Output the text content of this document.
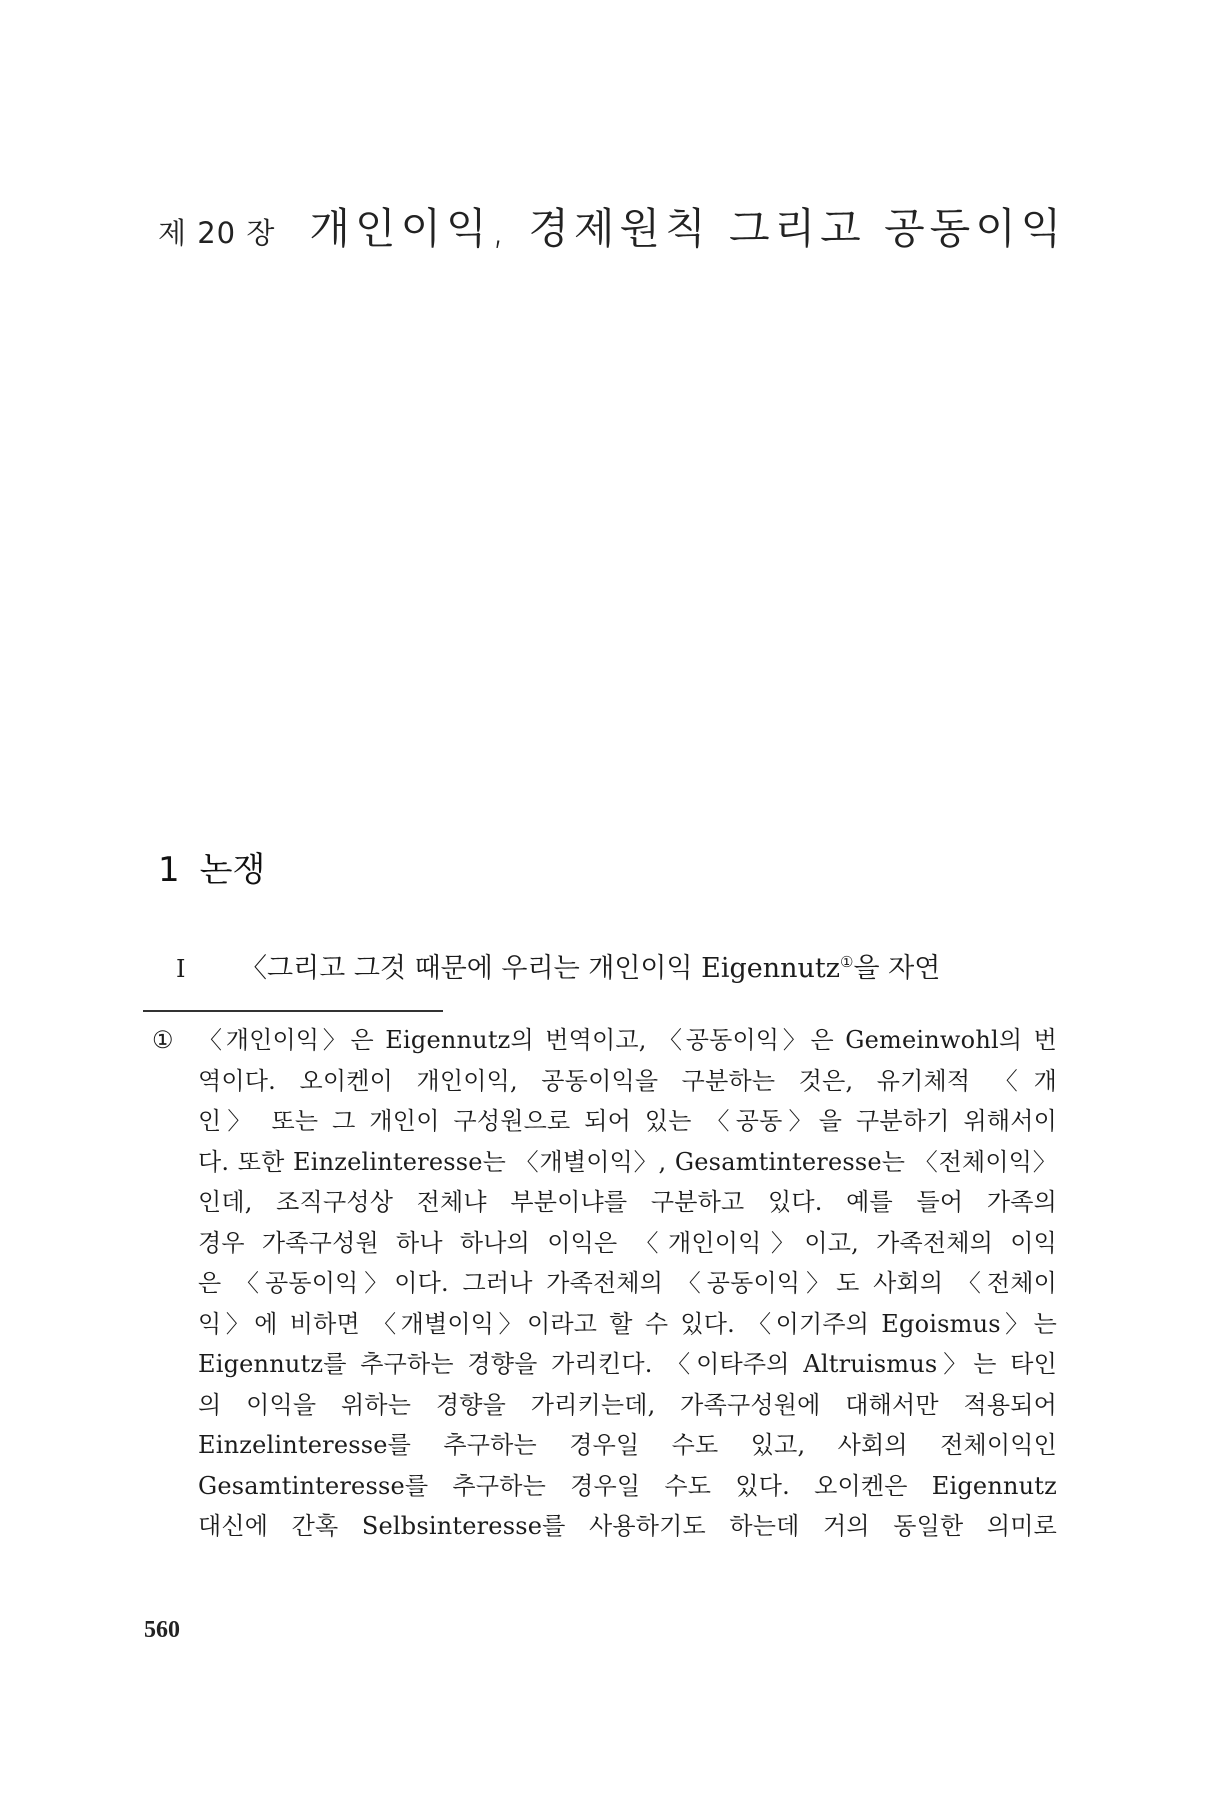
제 20 장 개인이익, 경제원칙 그리고 공동이익
1 논쟁
I 〈그리고 그것 때문에 우리는 개인이익 Eigennutz①을 자연
①	〈개인이익〉은 Eigennutz의 번역이고, 〈공동이익〉은 Gemeinwohl의 번
역이다. 오이켄이 개인이익, 공동이익을 구분하는 것은, 유기체적 〈개
인〉 또는 그 개인이 구성원으로 되어 있는 〈공동〉을 구분하기 위해서이
다. 또한 Einzelinteresse는 〈개별이익〉, Gesamtinteresse는 〈전체이익〉
인데, 조직구성상 전체냐 부분이냐를 구분하고 있다. 예를 들어 가족의
경우 가족구성원 하나 하나의 이익은 〈개인이익〉이고, 가족전체의 이익
은 〈공동이익〉이다. 그러나 가족전체의 〈공동이익〉도 사회의 〈전체이
익〉에 비하면 〈개별이익〉이라고 할 수 있다. 〈이기주의 Egoismus〉는
Eigennutz를 추구하는 경향을 가리킨다. 〈이타주의 Altruismus〉는 타인
의 이익을 위하는 경향을 가리키는데, 가족구성원에 대해서만 적용되어
Einzelinteresse를 추구하는 경우일 수도 있고, 사회의 전체이익인
Gesamtinteresse를 추구하는 경우일 수도 있다. 오이켄은 Eigennutz
대신에 간혹 Selbsinteresse를 사용하기도 하는데 거의 동일한 의미로
560
